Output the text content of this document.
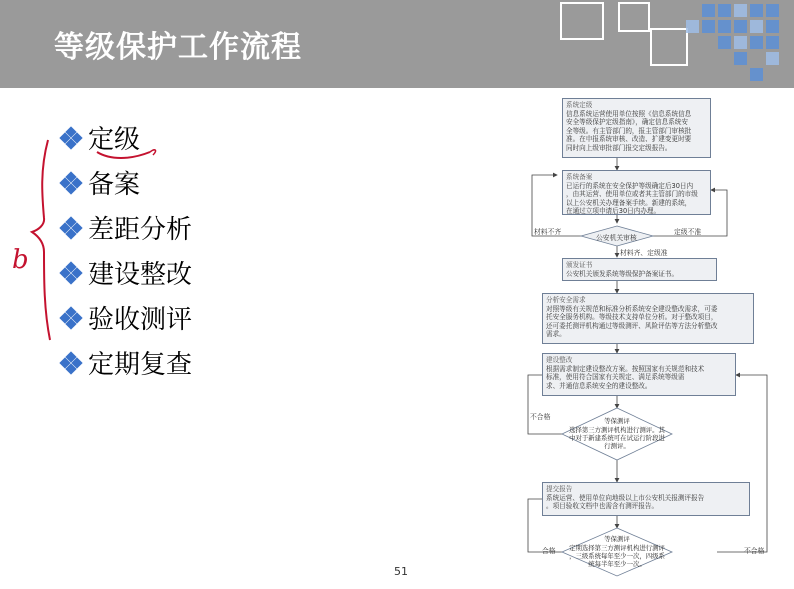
等级保护工作流程
定级
备案
差距分析
建设整改
验收测评
定期复查
b
系统定级
信息系统运营使用单位按照《信息系统信息
安全等级保护定级指南》，确定信息系统安
全等级。有主管部门的，报主管部门审核批
准。在申报系统审核、改造、扩建变更时要
同时向上级审批部门报交定级报告。
系统备案
已运行的系统在安全保护等级确定后30日内
，由其运营、使用单位或者其主管部门的市级
以上公安机关办理备案手续。新建的系统，
在通过立项申请后30日内办理。
公安机关审核
材料不齐	定级不准
材料齐、定级准
颁发证书
公安机关颁发系统等级保护备案证书。
分析安全需求
对照等级有关规范和标准分析系统安全建设整改需求，可委
托安全服务机构。等级技术支持单位分析。对于整改项目，
还可委托测评机构通过等级测评、风险评估等方法分析整改
需求。
建设整改
根据需求制定建设整改方案。按照国家有关规范和技术
标准，使用符合国家有关规定、满足系统等级需
求、并通信息系统安全的建设整改。
等保测评
选择第三方测评机构进行测评。其
中对于新建系统可在试运行阶段进
行测评。
不合格
提交报告
系统运营、使用单位向地级以上市公安机关报测评报告
。项目验收文档中也需含有测评报告。
等保测评
定期选择第三方测评机构进行测评
，三级系统每年至少一次，四级系
统每半年至少一次。
合格	不合格
51
